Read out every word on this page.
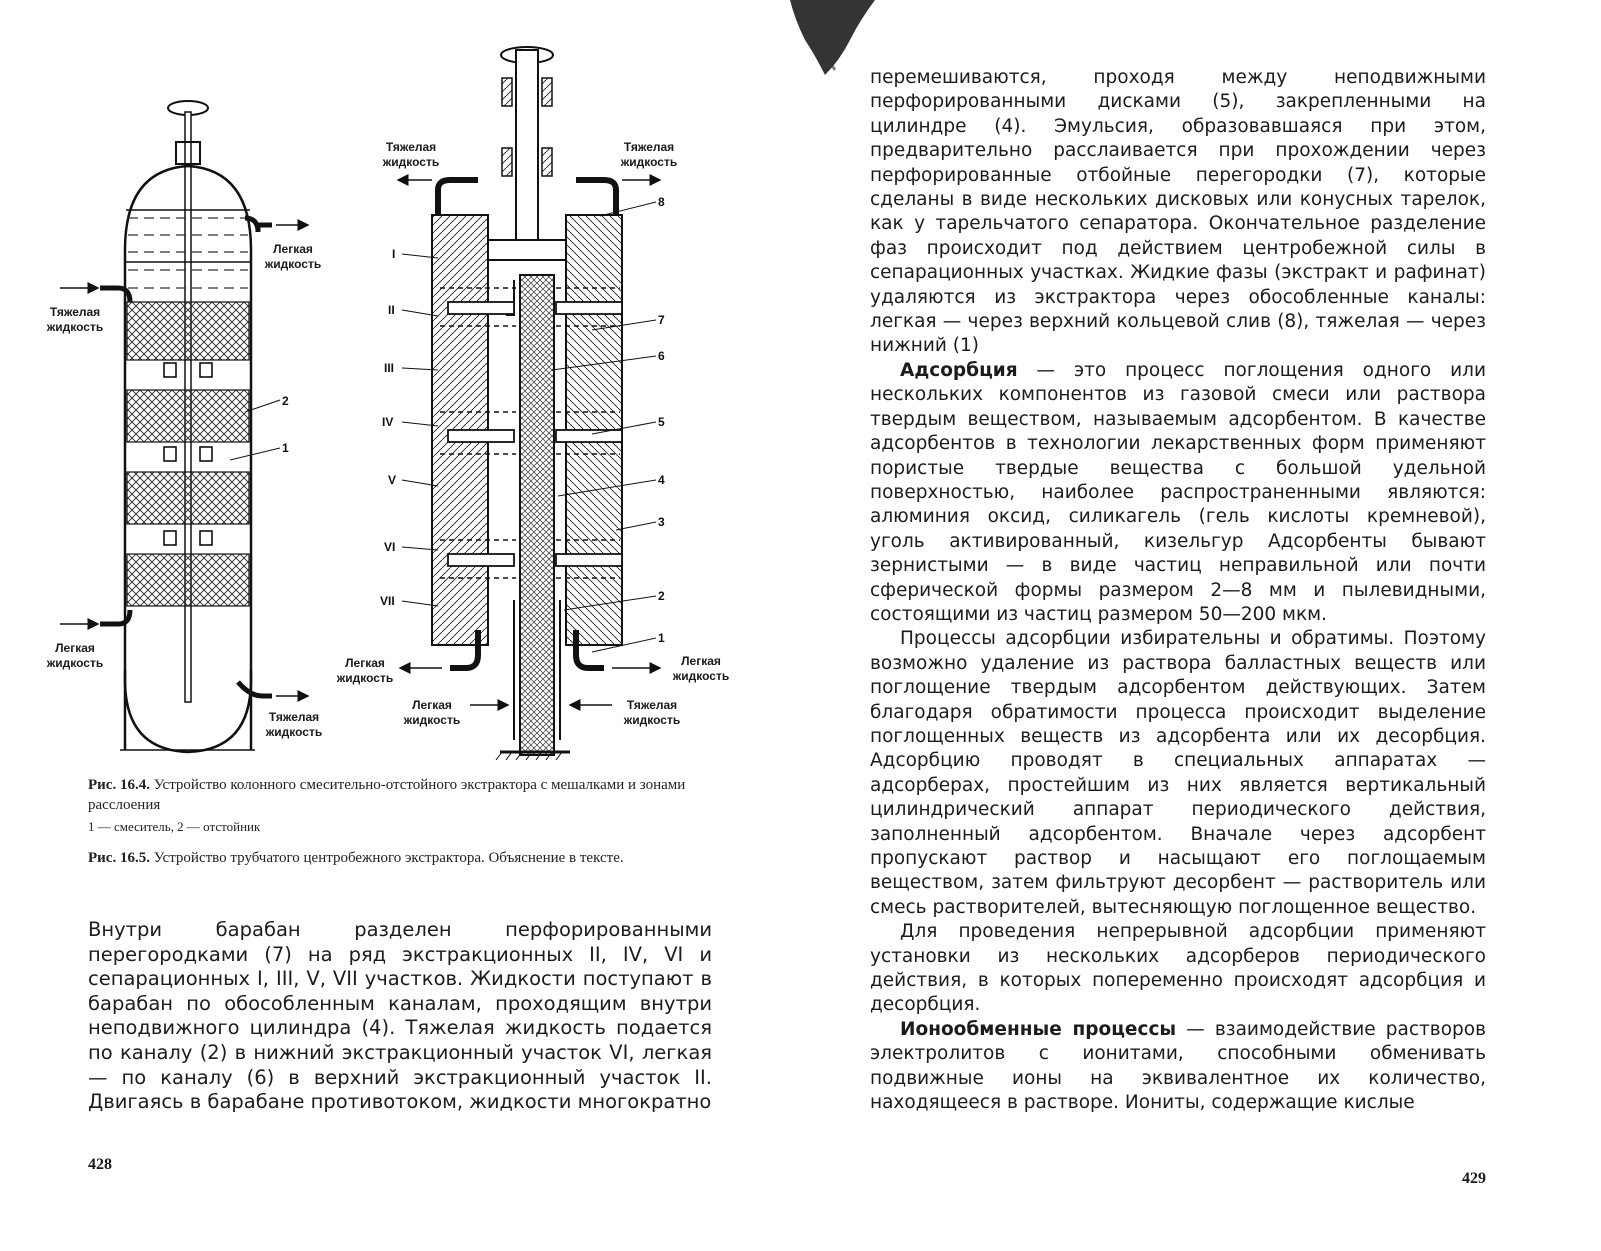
2
1
Легкая жидкость
Тяжелая жидкость
Легкая жидкость
Тяжелая жидкость
I
II
III
IV
V
VI
VII
8
7
6
5
4
3
2
1
Тяжелая жидкость
Тяжелая жидкость
Легкая жидкость
Легкая жидкость
Легкая жидкость
Тяжелая жидкость
Рис. 16.4. Устройство колонного смесительно-отстойного экстрактора с мешалками и зонами расслоения
1 — смеситель, 2 — отстойник
Рис. 16.5. Устройство трубчатого центробежного экстрактора. Объяснение в тексте.

Внутри барабан разделен перфорированными перегородками (7) на ряд экстракционных II, IV, VI и сепарационных I, III, V, VII участков. Жидкости поступают в барабан по обособленным каналам, проходящим внутри неподвижного цилиндра (4). Тяжелая жидкость подается по каналу (2) в нижний экстракционный участок VI, легкая — по каналу (6) в верхний экстракционный участок II. Двигаясь в барабане противотоком, жидкости многократно

428

перемешиваются, проходя между неподвижными перфорированными дисками (5), закрепленными на цилиндре (4). Эмульсия, образовавшаяся при этом, предварительно расслаивается при прохождении через перфорированные отбойные перегородки (7), которые сделаны в виде нескольких дисковых или конусных тарелок, как у тарельчатого сепаратора. Окончательное разделение фаз происходит под действием центробежной силы в сепарационных участках. Жидкие фазы (экстракт и рафинат) удаляются из экстрактора через обособленные каналы: легкая — через верхний кольцевой слив (8), тяжелая — через нижний (1)

Адсорбция — это процесс поглощения одного или нескольких компонентов из газовой смеси или раствора твердым веществом, называемым адсорбентом. В качестве адсорбентов в технологии лекарственных форм применяют пористые твердые вещества с большой удельной поверхностью, наиболее распространенными являются: алюминия оксид, силикагель (гель кислоты кремневой), уголь активированный, кизельгур Адсорбенты бывают зернистыми — в виде частиц неправильной или почти сферической формы размером 2—8 мм и пылевидными, состоящими из частиц размером 50—200 мкм.

Процессы адсорбции избирательны и обратимы. Поэтому возможно удаление из раствора балластных веществ или поглощение твердым адсорбентом действующих. Затем благодаря обратимости процесса происходит выделение поглощенных веществ из адсорбента или их десорбция. Адсорбцию проводят в специальных аппаратах — адсорберах, простейшим из них является вертикальный цилиндрический аппарат периодического действия, заполненный адсорбентом. Вначале через адсорбент пропускают раствор и насыщают его поглощаемым веществом, затем фильтруют десорбент — растворитель или смесь растворителей, вытесняющую поглощенное вещество.

Для проведения непрерывной адсорбции применяют установки из нескольких адсорберов периодического действия, в которых попеременно происходят адсорбция и десорбция.

Ионообменные процессы — взаимодействие растворов электролитов с ионитами, способными обменивать подвижные ионы на эквивалентное их количество, находящееся в растворе. Иониты, содержащие кислые

429
